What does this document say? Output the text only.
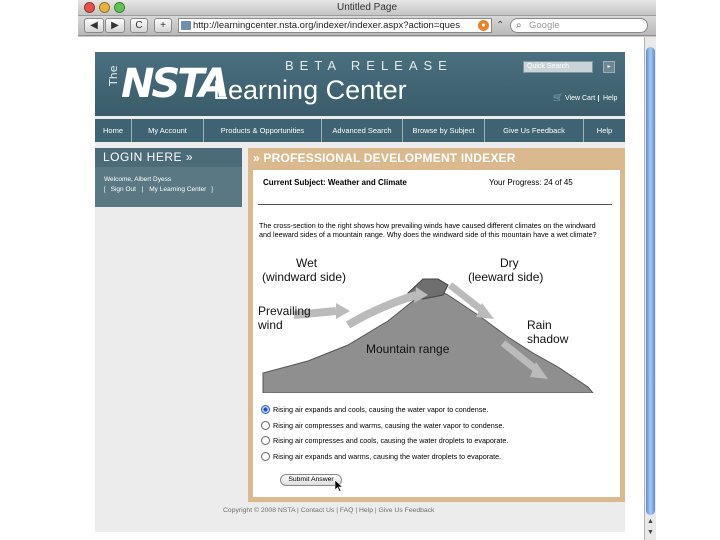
Untitled Page
◀	▶	C	+	http://learningcenter.nsta.org/indexer/indexer.aspx?action=ques	●	⌃ ⌕ Google
The NSTA	BETA RELEASE
Learning Center
Quick Search	▸
🛒 View Cart	Help
Home	My Account	Products & Opportunities	Advanced Search	Browse by Subject	Give Us Feedback	Help
LOGIN HERE »
Welcome, Albert Dyess
[ Sign Out | My Learning Center ]
» PROFESSIONAL DEVELOPMENT INDEXER
Current Subject: Weather and Climate	Your Progress: 24 of 45
The cross-section to the right shows how prevailing winds have caused different climates on the windward and leeward sides of a mountain range. Why does the windward side of this mountain have a wet climate?
Wet
(windward side)
Dry
(leeward side)
Prevailing
wind
Mountain range
Rain
shadow
Rising air expands and cools, causing the water vapor to condense.
Rising air compresses and warms, causing the water vapor to condense.
Rising air compresses and cools, causing the water droplets to evaporate.
Rising air expands and warms, causing the water droplets to evaporate.
Submit Answer
Copyright © 2008 NSTA | Contact Us | FAQ | Help | Give Us Feedback
▲
▼
